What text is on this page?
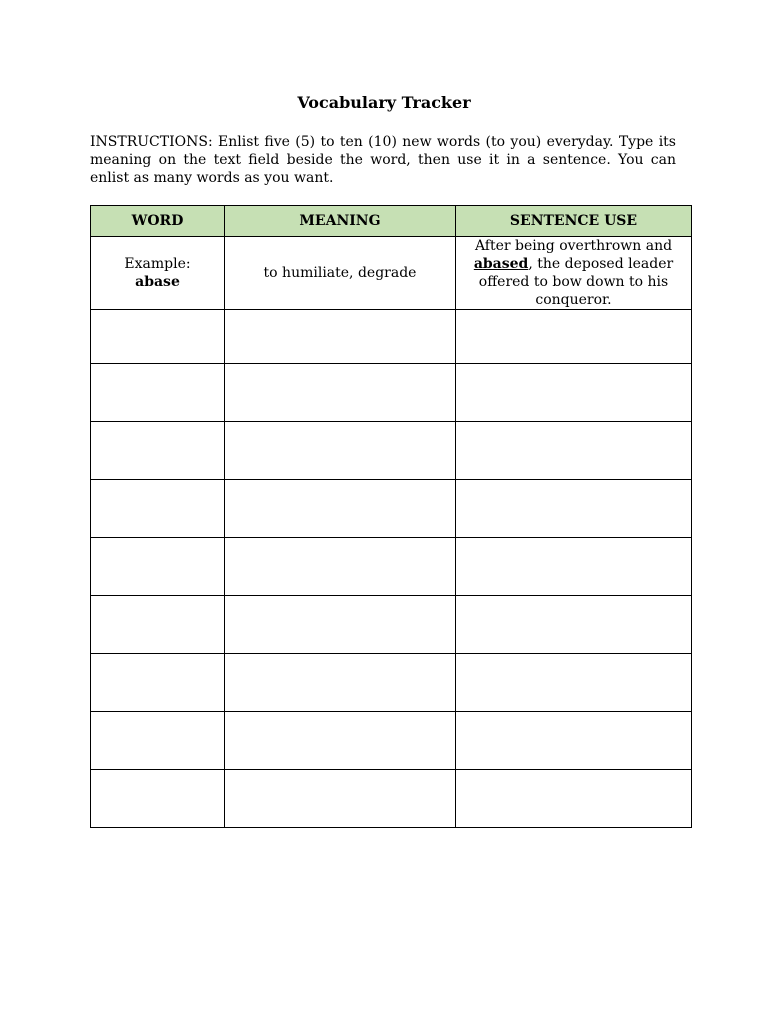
Vocabulary Tracker
INSTRUCTIONS: Enlist five (5) to ten (10) new words (to you) everyday. Type its meaning on the text field beside the word, then use it in a sentence. You can enlist as many words as you want.
WORD	MEANING	SENTENCE USE

Example:
abase	to humiliate, degrade	After being overthrown and abased, the deposed leader offered to bow down to his conqueror.
